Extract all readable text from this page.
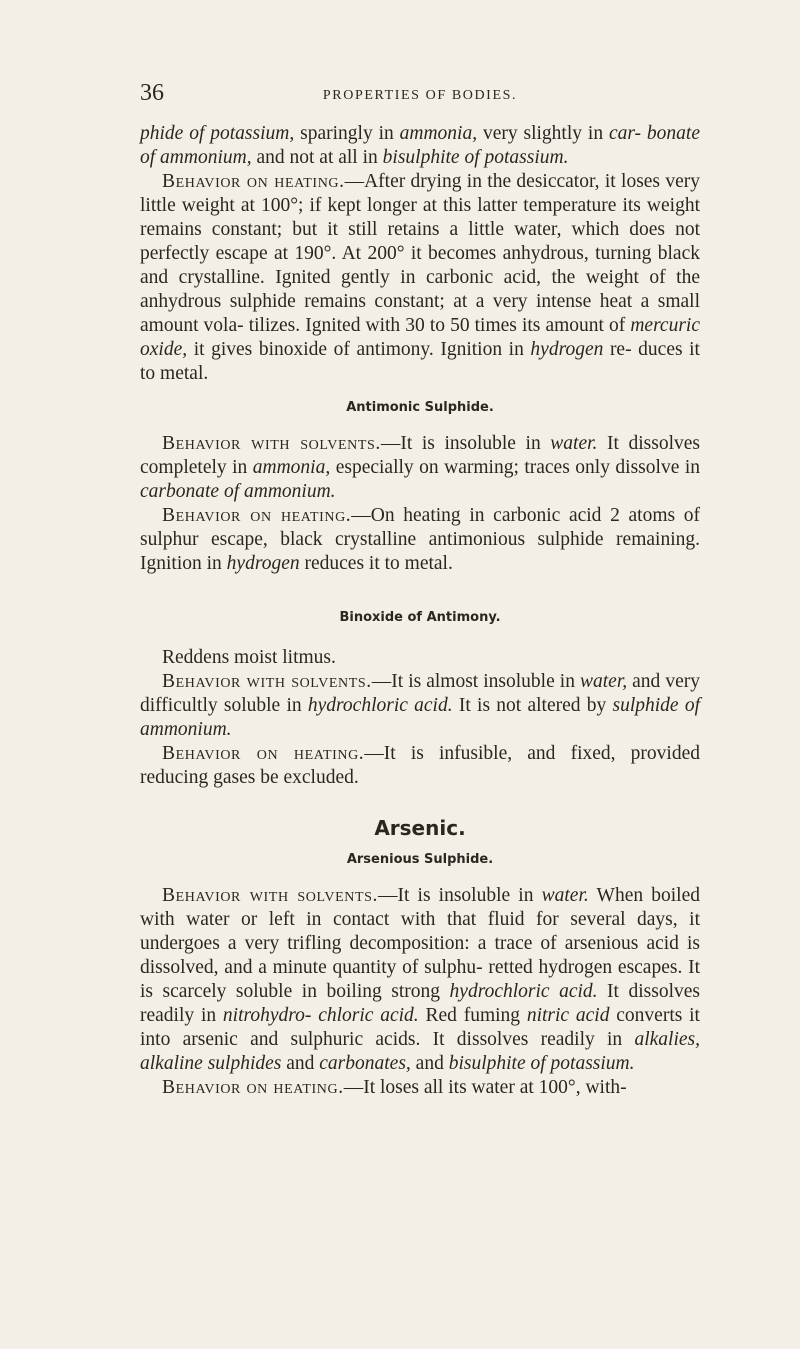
36	PROPERTIES OF BODIES.

phide of potassium, sparingly in ammonia, very slightly in car- bonate of ammonium, and not at all in bisulphite of potassium.

Behavior on heating.—After drying in the desiccator, it loses very little weight at 100°; if kept longer at this latter temperature its weight remains constant; but it still retains a little water, which does not perfectly escape at 190°. At 200° it becomes anhydrous, turning black and crystalline. Ignited gently in carbonic acid, the weight of the anhydrous sulphide remains constant; at a very intense heat a small amount vola- tilizes. Ignited with 30 to 50 times its amount of mercuric oxide, it gives binoxide of antimony. Ignition in hydrogen re- duces it to metal.

Antimonic Sulphide.

Behavior with solvents.—It is insoluble in water. It dissolves completely in ammonia, especially on warming; traces only dissolve in carbonate of ammonium.

Behavior on heating.—On heating in carbonic acid 2 atoms of sulphur escape, black crystalline antimonious sulphide remaining. Ignition in hydrogen reduces it to metal.

Binoxide of Antimony.

Reddens moist litmus.

Behavior with solvents.—It is almost insoluble in water, and very difficultly soluble in hydrochloric acid. It is not altered by sulphide of ammonium.

Behavior on heating.—It is infusible, and fixed, provided reducing gases be excluded.

Arsenic.
Arsenious Sulphide.

Behavior with solvents.—It is insoluble in water. When boiled with water or left in contact with that fluid for several days, it undergoes a very trifling decomposition: a trace of arsenious acid is dissolved, and a minute quantity of sulphu- retted hydrogen escapes. It is scarcely soluble in boiling strong hydrochloric acid. It dissolves readily in nitrohydro- chloric acid. Red fuming nitric acid converts it into arsenic and sulphuric acids. It dissolves readily in alkalies, alkaline sulphides and carbonates, and bisulphite of potassium.

Behavior on heating.—It loses all its water at 100°, with-
